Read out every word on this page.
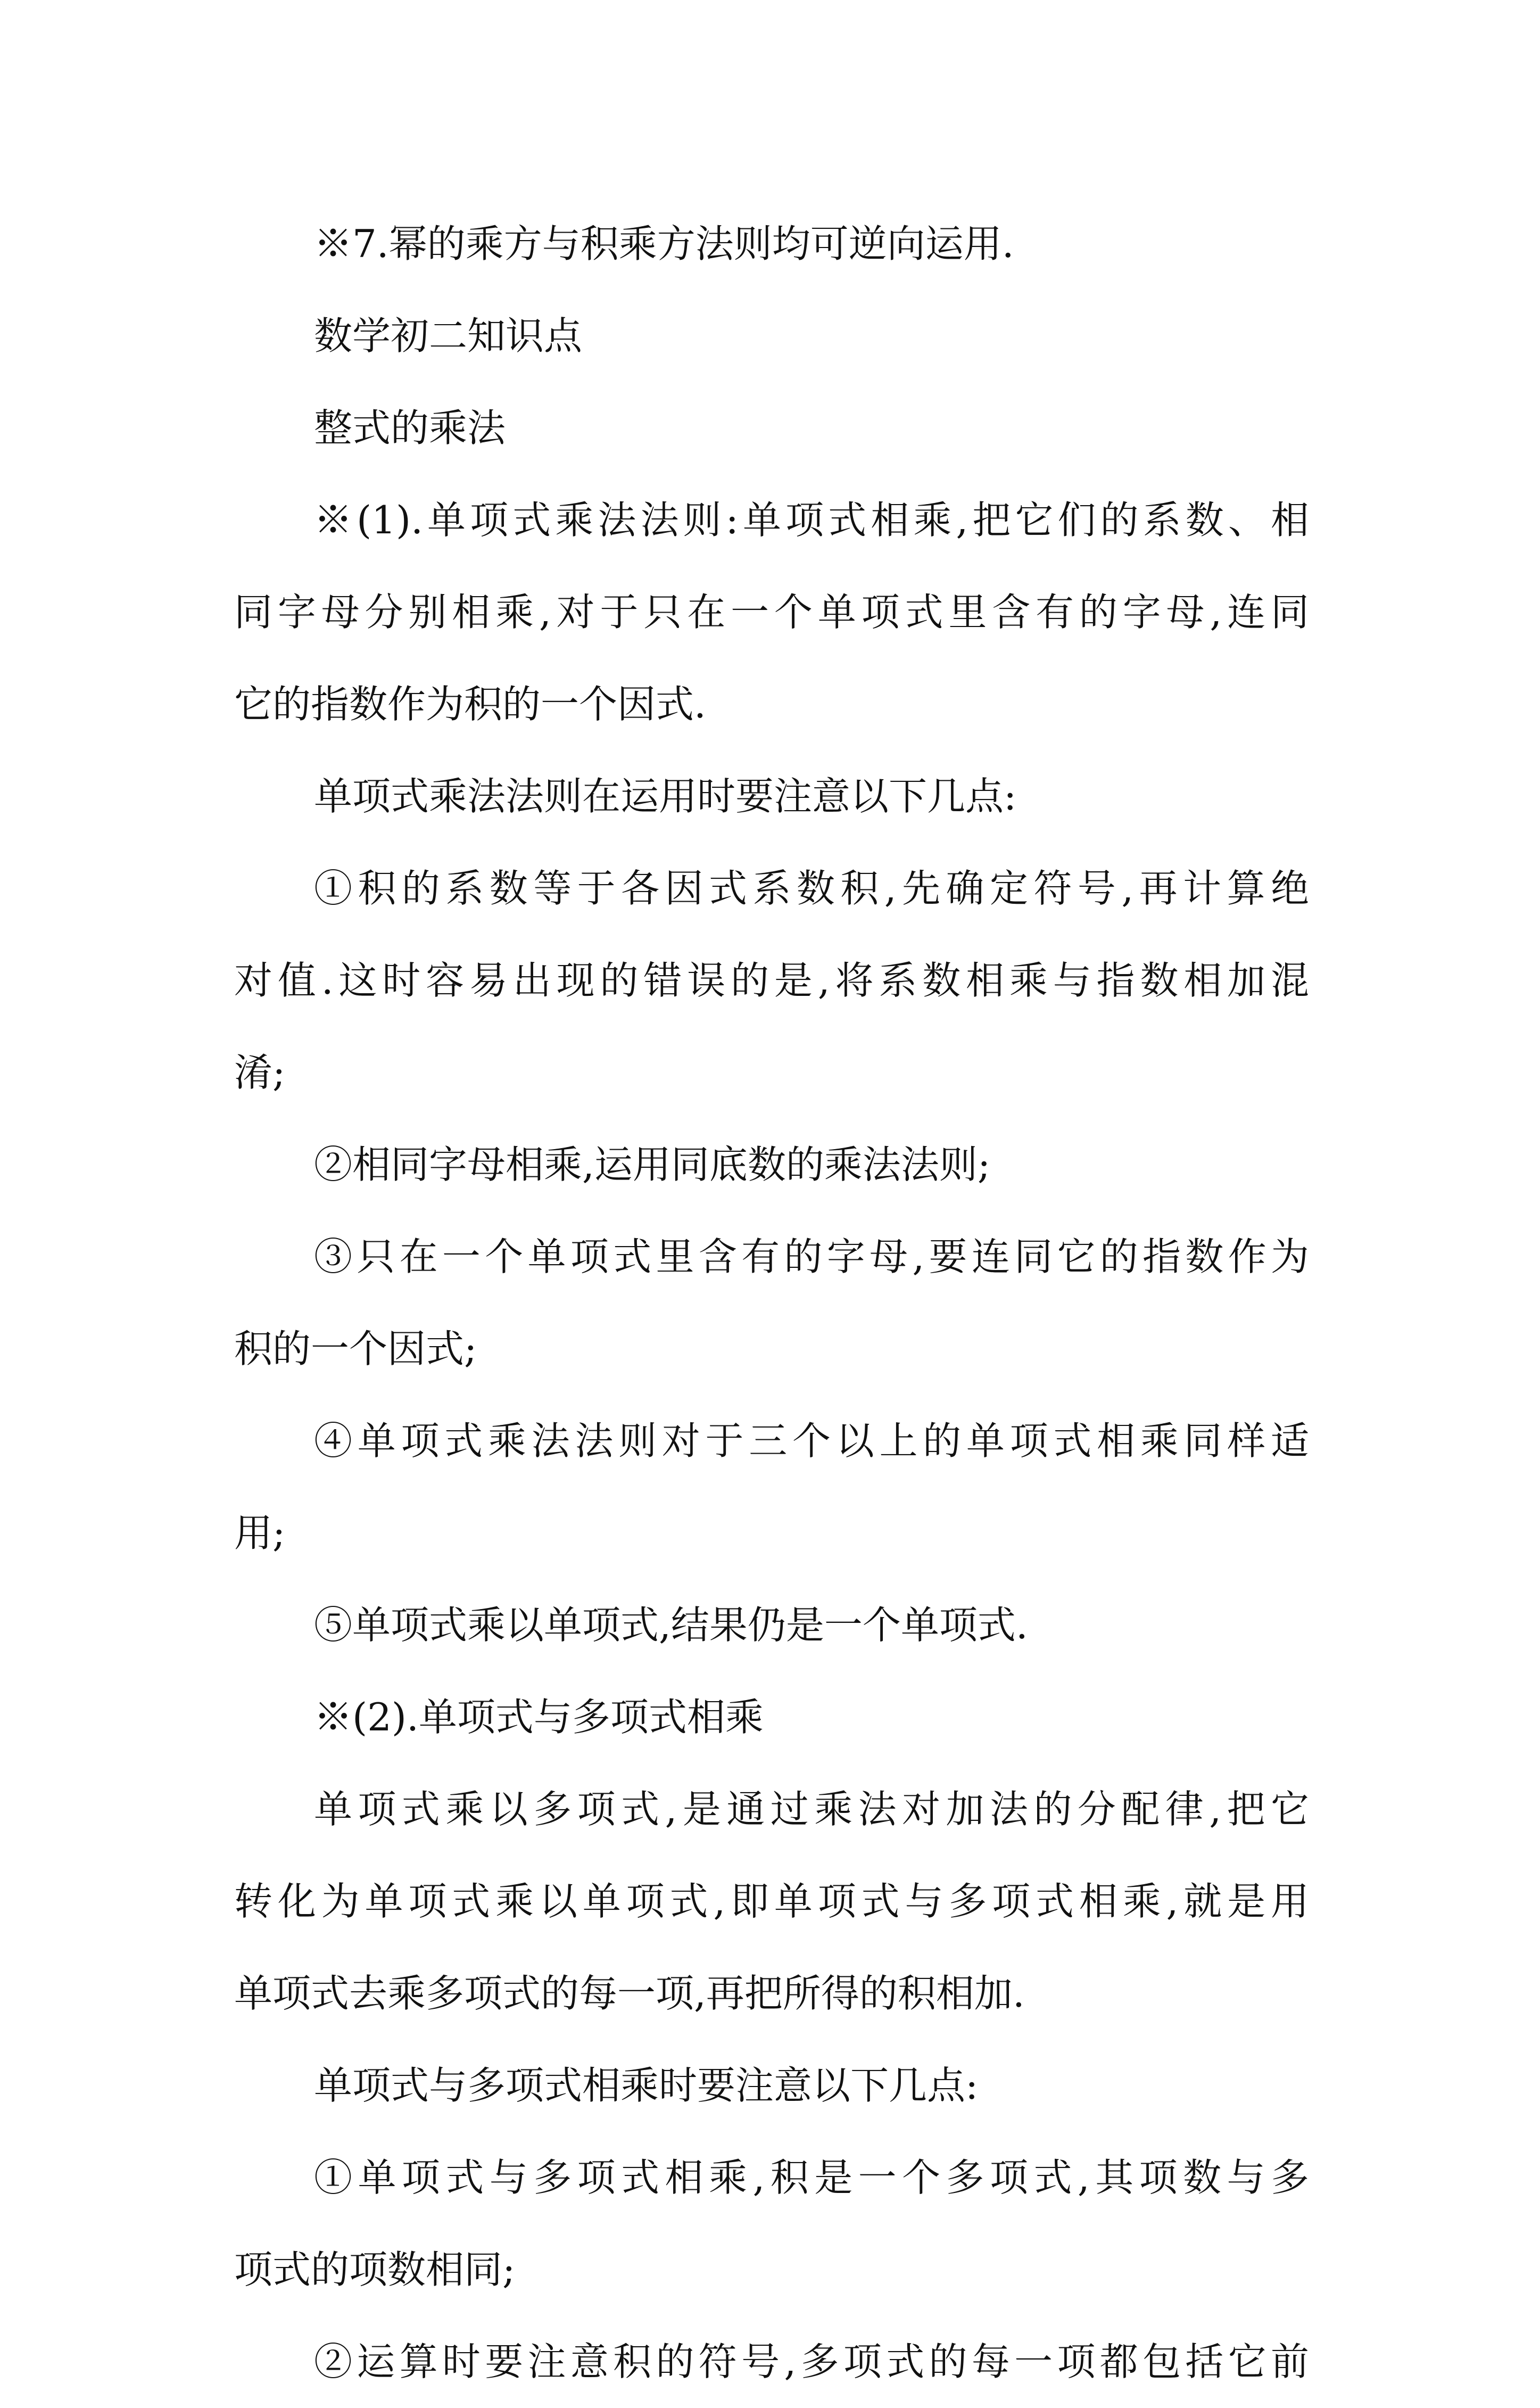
※7.幂的乘方与积乘方法则均可逆向运用.
数学初二知识点
整式的乘法
※(1).单项式乘法法则:单项式相乘,把它们的系数、相
同字母分别相乘,对于只在一个单项式里含有的字母,连同
它的指数作为积的一个因式.
单项式乘法法则在运用时要注意以下几点:
①积的系数等于各因式系数积,先确定符号,再计算绝
对值.这时容易出现的错误的是,将系数相乘与指数相加混
淆;
②相同字母相乘,运用同底数的乘法法则;
③只在一个单项式里含有的字母,要连同它的指数作为
积的一个因式;
④单项式乘法法则对于三个以上的单项式相乘同样适
用;
⑤单项式乘以单项式,结果仍是一个单项式.
※(2).单项式与多项式相乘
单项式乘以多项式,是通过乘法对加法的分配律,把它
转化为单项式乘以单项式,即单项式与多项式相乘,就是用
单项式去乘多项式的每一项,再把所得的积相加.
单项式与多项式相乘时要注意以下几点:
①单项式与多项式相乘,积是一个多项式,其项数与多
项式的项数相同;
②运算时要注意积的符号,多项式的每一项都包括它前
